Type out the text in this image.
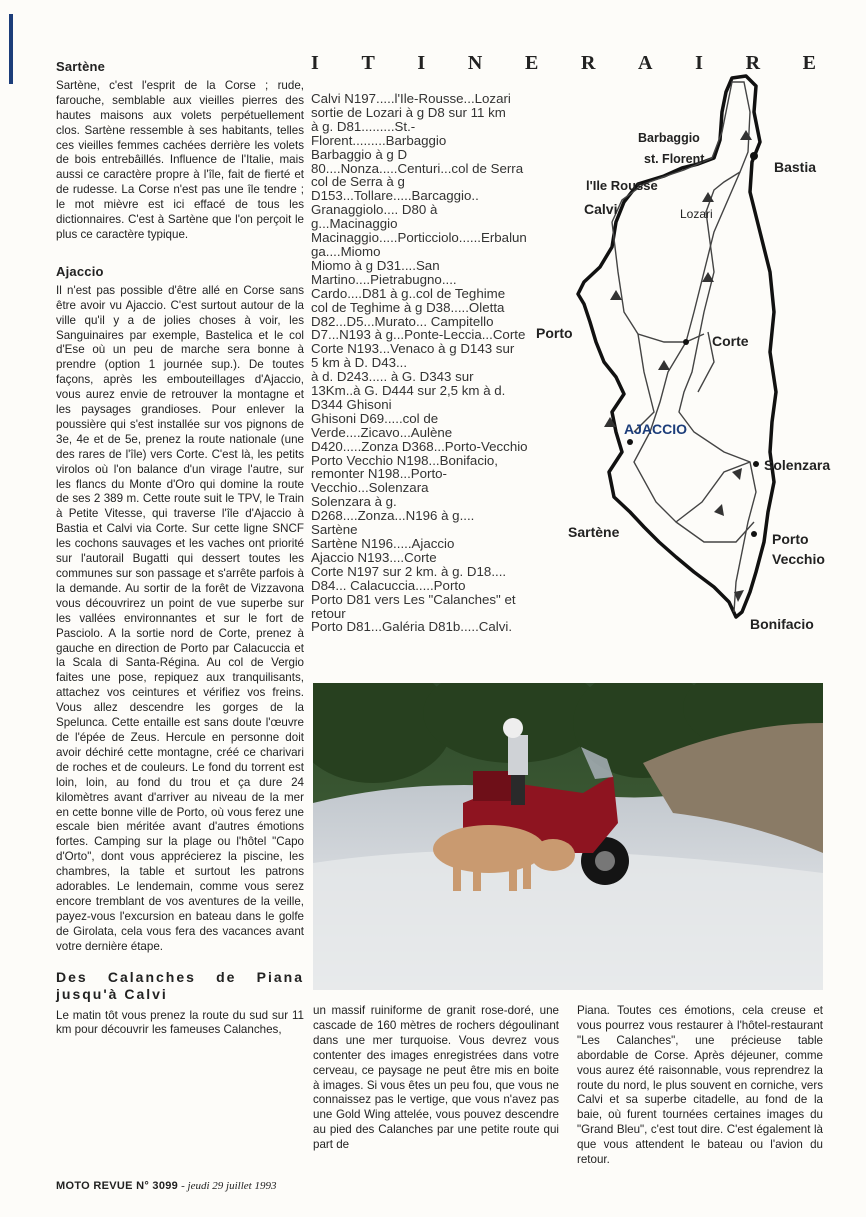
Sartène

Sartène, c'est l'esprit de la Corse ; rude, farouche, semblable aux vieilles pierres des hautes maisons aux volets perpétuellement clos. Sartène ressemble à ses habitants, telles ces vieilles femmes cachées derrière les volets de bois entrebâillés. Influence de l'Italie, mais aussi ce caractère propre à l'île, fait de fierté et de rudesse. La Corse n'est pas une île tendre ; le mot mièvre est ici effacé de tous les dictionnaires. C'est à Sartène que l'on perçoit le plus ce caractère typique.

Ajaccio

Il n'est pas possible d'être allé en Corse sans être avoir vu Ajaccio. C'est surtout autour de la ville qu'il y a de jolies choses à voir, les Sanguinaires par exemple, Bastelica et le col d'Ese où un peu de marche sera bonne à prendre (option 1 journée sup.). De toutes façons, après les embouteillages d'Ajaccio, vous aurez envie de retrouver la montagne et les paysages grandioses. Pour enlever la poussière qui s'est installée sur vos pignons de 3e, 4e et de 5e, prenez la route nationale (une des rares de l'île) vers Corte. C'est là, les petits virolos où l'on balance d'un virage l'autre, sur les flancs du Monte d'Oro qui domine la route de ses 2 389 m. Cette route suit le TPV, le Train à Petite Vitesse, qui traverse l'île d'Ajaccio à Bastia et Calvi via Corte. Sur cette ligne SNCF les cochons sauvages et les vaches ont priorité sur l'autorail Bugatti qui dessert toutes les communes sur son passage et s'arrête parfois à la demande. Au sortir de la forêt de Vizzavona vous découvrirez un point de vue superbe sur les vallées environnantes et sur le fort de Pasciolo. A la sortie nord de Corte, prenez à gauche en direction de Porto par Calacuccia et la Scala di Santa-Régina. Au col de Vergio faites une pose, repiquez aux tranquilisants, attachez vos ceintures et vérifiez vos freins. Vous allez descendre les gorges de la Spelunca. Cette entaille est sans doute l'œuvre de l'épée de Zeus. Hercule en personne doit avoir déchiré cette montagne, créé ce charivari de roches et de couleurs. Le fond du torrent est loin, loin, au fond du trou et ça dure 24 kilomètres avant d'arriver au niveau de la mer en cette bonne ville de Porto, où vous ferez une escale bien méritée avant d'autres émotions fortes. Camping sur la plage ou l'hôtel "Capo d'Orto", dont vous apprécierez la piscine, les chambres, la table et surtout les patrons adorables. Le lendemain, comme vous serez encore tremblant de vos aventures de la veille, payez-vous l'excursion en bateau dans le golfe de Girolata, cela vous fera des vacances avant votre dernière étape.

Des Calanches de Piana jusqu'à Calvi

Le matin tôt vous prenez la route du sud sur 11 km pour découvrir les fameuses Calanches,

I T I N E R A I R E
Calvi N197.....l'Ile-Rousse...Lozari
sortie de Lozari à g D8 sur 11 km
à g. D81.........St.-
Florent.........Barbaggio
Barbaggio à g D
80....Nonza.....Centuri...col de Serra
col de Serra à g
D153...Tollare.....Barcaggio..
Granaggiolo.... D80 à
g...Macinaggio
Macinaggio.....Porticciolo......Erbalun
ga....Miomo
Miomo à g D31....San
Martino....Pietrabugno....
Cardo....D81 à g..col de Teghime
col de Teghime à g D38.....Oletta
D82...D5...Murato... Campitello
D7...N193 à g...Ponte-Leccia...Corte
Corte N193...Venaco à g D143 sur
5 km à D. D43...
à d. D243..... à G. D343 sur
13Km..à G. D444 sur 2,5 km à d.
D344 Ghisoni
Ghisoni D69.....col de
Verde....Zicavo...Aulène
D420.....Zonza D368...Porto-Vecchio
Porto Vecchio N198...Bonifacio,
remonter N198...Porto-
Vecchio...Solenzara
Solenzara à g.
D268....Zonza...N196 à g....
Sartène
Sartène N196.....Ajaccio
Ajaccio N193....Corte
Corte N197 sur 2 km. à g. D18....
D84... Calacuccia.....Porto
Porto D81 vers Les "Calanches" et
retour
Porto D81...Galéria D81b.....Calvi.
Barbaggio
st. Florent	Bastia
l'Ile Rousse
Calvi	Lozari
Corte
AJACCIO
Solenzara
Sartène	Porto
Vecchio
Bonifacio
Porto

un massif ruiniforme de granit rose-doré, une cascade de 160 mètres de rochers dégoulinant dans une mer turquoise. Vous devrez vous contenter des images enregistrées dans votre cerveau, ce paysage ne peut être mis en boite à images. Si vous êtes un peu fou, que vous ne connaissez pas le vertige, que vous n'avez pas une Gold Wing attelée, vous pouvez descendre au pied des Calanches par une petite route qui part de

Piana. Toutes ces émotions, cela creuse et vous pourrez vous restaurer à l'hôtel-restaurant "Les Calanches", une précieuse table abordable de Corse. Après déjeuner, comme vous aurez été raisonnable, vous reprendrez la route du nord, le plus souvent en corniche, vers Calvi et sa superbe citadelle, au fond de la baie, où furent tournées certaines images du "Grand Bleu", c'est tout dire. C'est également là que vous attendent le bateau ou l'avion du retour.

MOTO REVUE N° 3099 - jeudi 29 juillet 1993
